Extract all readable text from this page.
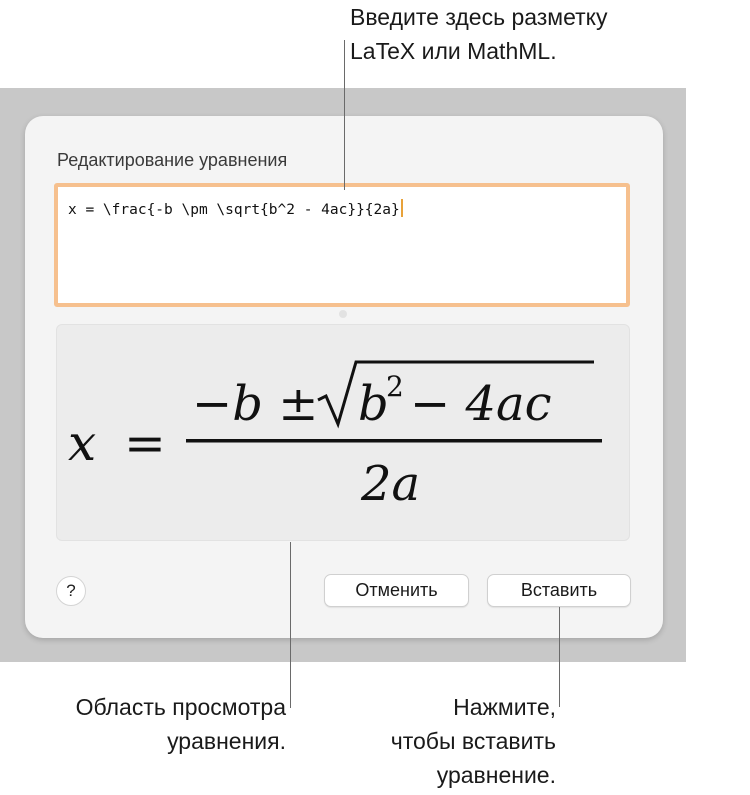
Редактирование уравнения
x = \frac{-b \pm \sqrt{b^2 - 4ac}}{2a}
x =
−b ± b
2 − 4ac
2a
?	Отменить	Вставить
Введите здесь разметку
LaTeX или MathML.
Область просмотра
уравнения.
Нажмите,
чтобы вставить
уравнение.
